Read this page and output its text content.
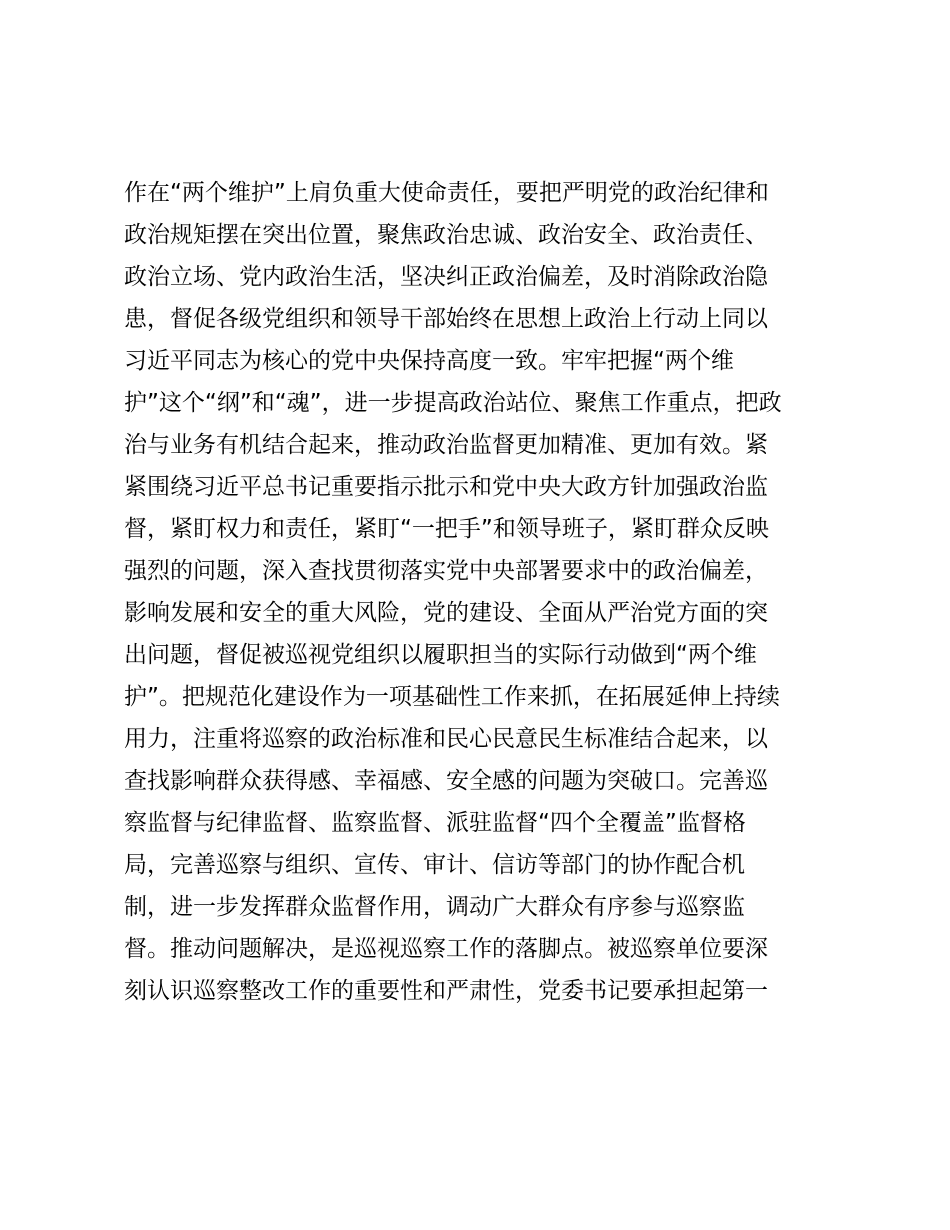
作在“两个维护”上肩负重大使命责任，要把严明党的政治纪律和
政治规矩摆在突出位置，聚焦政治忠诚、政治安全、政治责任、
政治立场、党内政治生活，坚决纠正政治偏差，及时消除政治隐
患，督促各级党组织和领导干部始终在思想上政治上行动上同以
习近平同志为核心的党中央保持高度一致。牢牢把握“两个维
护”这个“纲”和“魂”，进一步提高政治站位、聚焦工作重点，把政
治与业务有机结合起来，推动政治监督更加精准、更加有效。紧
紧围绕习近平总书记重要指示批示和党中央大政方针加强政治监
督，紧盯权力和责任，紧盯“一把手”和领导班子，紧盯群众反映
强烈的问题，深入查找贯彻落实党中央部署要求中的政治偏差，
影响发展和安全的重大风险，党的建设、全面从严治党方面的突
出问题，督促被巡视党组织以履职担当的实际行动做到“两个维
护”。把规范化建设作为一项基础性工作来抓，在拓展延伸上持续
用力，注重将巡察的政治标准和民心民意民生标准结合起来，以
查找影响群众获得感、幸福感、安全感的问题为突破口。完善巡
察监督与纪律监督、监察监督、派驻监督“四个全覆盖”监督格
局，完善巡察与组织、宣传、审计、信访等部门的协作配合机
制，进一步发挥群众监督作用，调动广大群众有序参与巡察监
督。推动问题解决，是巡视巡察工作的落脚点。被巡察单位要深
刻认识巡察整改工作的重要性和严肃性，党委书记要承担起第一
